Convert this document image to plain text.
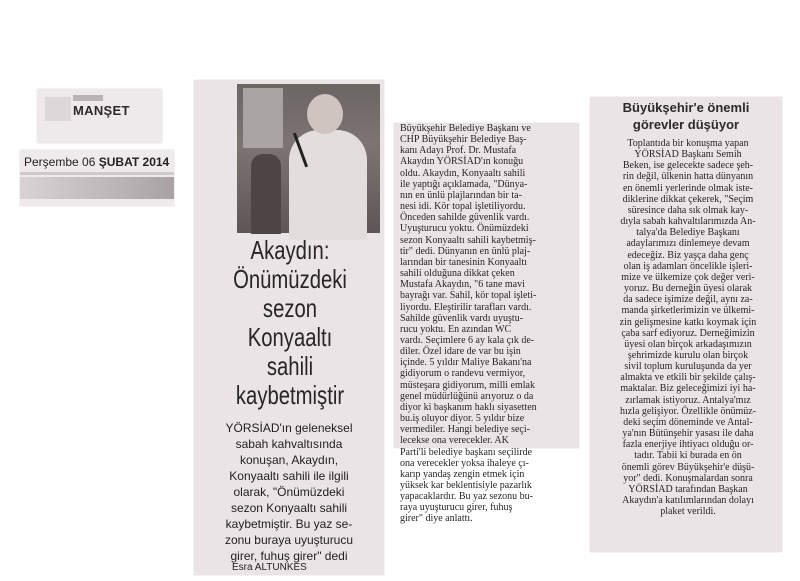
MANŞET
Perşembe 06 ŞUBAT 2014
Akaydın:
Önümüzdeki
sezon
Konyaaltı
sahili
kaybetmiştir
YÖRSİAD'ın geleneksel
sabah kahvaltısında
konuşan, Akaydın,
Konyaaltı sahili ile ilgili
olarak, "Önümüzdeki
sezon Konyaaltı sahili
kaybetmiştir. Bu yaz se-
zonu buraya uyuşturucu
girer, fuhuş girer" dedi
Esra ALTUNKES
Büyükşehir Belediye Başkanı ve
CHP Büyükşehir Belediye Baş-
kanı Adayı Prof. Dr. Mustafa
Akaydın YÖRSİAD'ın konuğu
oldu. Akaydın, Konyaaltı sahili
ile yaptığı açıklamada, "Dünya-
nın en ünlü plajlarından bir ta-
nesi idi. Kör topal işletiliyordu.
Önceden sahilde güvenlik vardı.
Uyuşturucu yoktu. Önümüzdeki
sezon Konyaaltı sahili kaybetmiş-
tir" dedi. Dünyanın en ünlü plaj-
larından bir tanesinin Konyaaltı
sahili olduğuna dikkat çeken
Mustafa Akaydın, "6 tane mavi
bayrağı var. Sahil, kör topal işleti-
liyordu. Eleştirilir tarafları vardı.
Sahilde güvenlik vardı uyuştu-
rucu yoktu. En azından WC
vardı. Seçimlere 6 ay kala çık de-
diler. Özel idare de var bu işin
içinde. 5 yıldır Maliye Bakanı'na
gidiyorum o randevu vermiyor,
müsteşara gidiyorum, milli emlak
genel müdürlüğünü arıyoruz o da
diyor ki başkanım haklı siyasetten
bu.iş oluyor diyor. 5 yıldır bize
vermediler. Hangi belediye seçi-
lecekse ona verecekler. AK
Parti'li belediye başkanı seçilirde
ona verecekler yoksa ihaleye çı-
karıp yandaş zengin etmek için
yüksek kar beklentisiyle pazarlık
yapacaklardır. Bu yaz sezonu bu-
raya uyuşturucu girer, fuhuş
girer" diye anlattı.
Büyükşehir'e önemli
görevler düşüyor
Toplantıda bir konuşma yapan
YÖRSİAD Başkanı Semih
Beken, ise gelecekte sadece şeh-
rin değil, ülkenin hatta dünyanın
en önemli yerlerinde olmak iste-
diklerine dikkat çekerek, "Seçim
süresince daha sık olmak kay-
dıyla sabah kahvaltılarımızda An-
talya'da Belediye Başkanı
adaylarımızı dinlemeye devam
edeceğiz. Biz yaşça daha genç
olan iş adamları öncelikle işleri-
mize ve ülkemize çok değer veri-
yoruz. Bu derneğin üyesi olarak
da sadece işimize değil, aynı za-
manda şirketlerimizin ve ülkemi-
zin gelişmesine katkı koymak için
çaba sarf ediyoruz. Derneğimizin
üyesi olan birçok arkadaşımızın
şehrimizde kurulu olan birçok
sivil toplum kuruluşunda da yer
almakta ve etkili bir şekilde çalış-
maktalar. Biz geleceğimizi iyi ha-
zırlamak istiyoruz. Antalya'mız
hızla gelişiyor. Özellikle önümüz-
deki seçim döneminde ve Antal-
ya'nın Bütünşehir yasası ile daha
fazla enerjiye ihtiyacı olduğu or-
tadır. Tabii ki burada en ön
önemli görev Büyükşehir'e düşü-
yor" dedi. Konuşmalardan sonra
YÖRSİAD tarafından Başkan
Akaydın'a katılımlarından dolayı
plaket verildi.
